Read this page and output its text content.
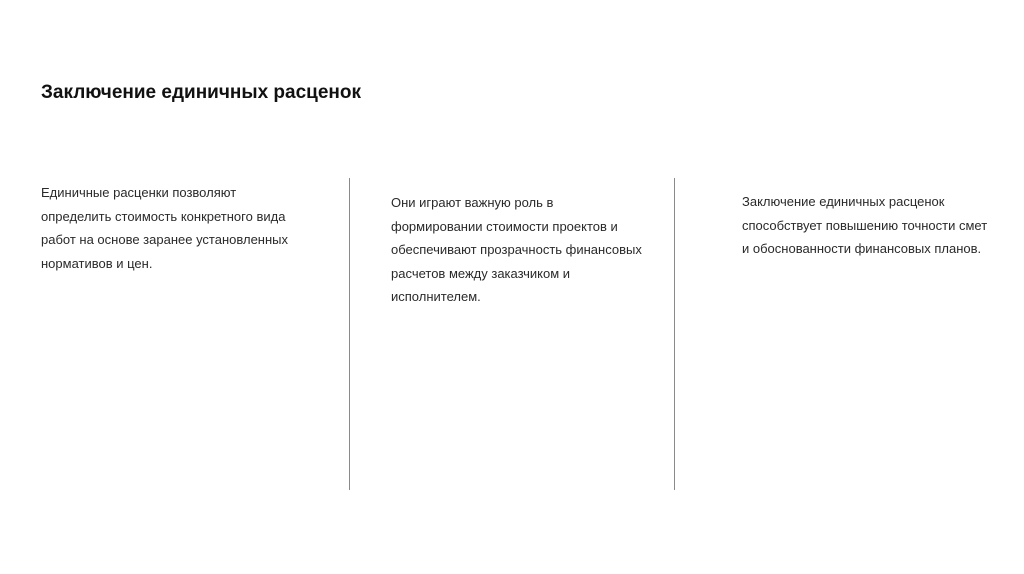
Заключение единичных расценок

Единичные расценки позволяют
определить стоимость конкретного вида
работ на основе заранее установленных
нормативов и цен.

Они играют важную роль в
формировании стоимости проектов и
обеспечивают прозрачность финансовых
расчетов между заказчиком и
исполнителем.

Заключение единичных расценок
способствует повышению точности смет
и обоснованности финансовых планов.
